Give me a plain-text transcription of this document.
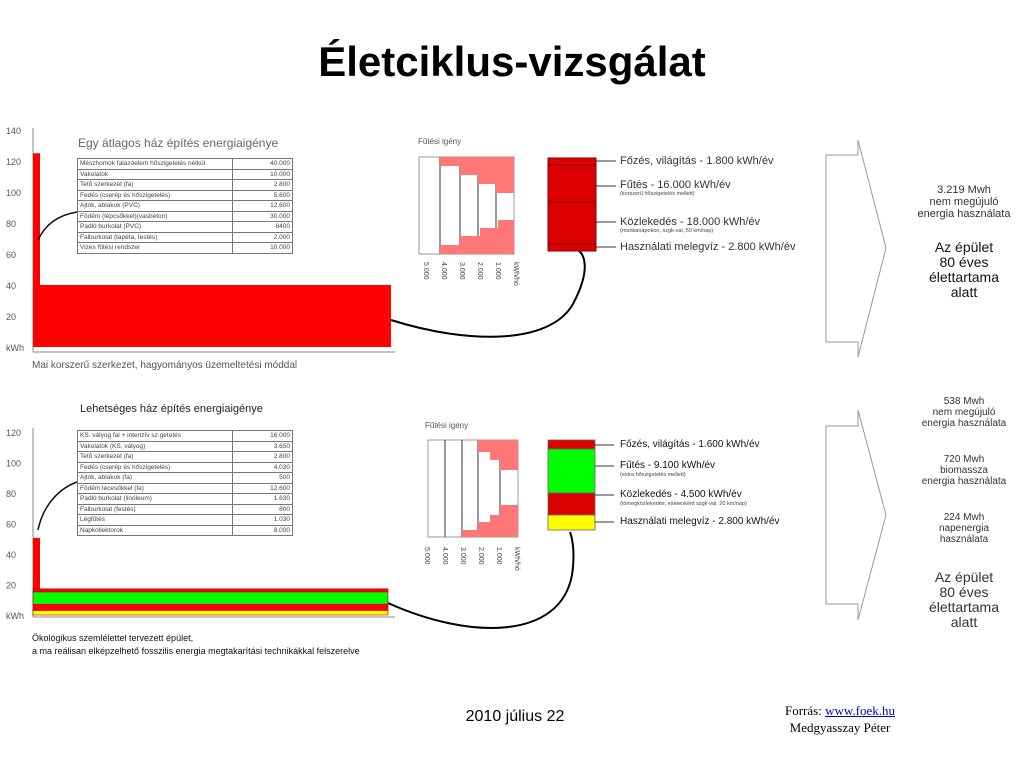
Életciklus-vizsgálat
140
120
100
80
60
40
20
kWh
5.000 4.000 3.000 2.000 1.000 kWh/hó
120
100
80
60
40
20
kWh
5.000 4.000 3.000 2.000 1.000 kWh/hó
Mészhomok falazóelem hőszigetelés nélkül	40.000
Vakolatok	10.000
Tető szerkezet (fa)	2.800
Fedés (cserép és hőszigetelés)	5.600
Ajtók, ablakok (PVC)	12.600
Födém (lépcsőkkel)(vasbeton)	30.000
Padló burkolat (PVC)	8400
Falburkolat (tapéta, festés)	2.000
Vizes fűtési rendszer	10.000
KS. vályog fal + intenzív sz.getetés	16.000
Vakolatok (KS, vályog)	3.650
Tető szerkezet (fa)	2.800
Fedés (cserép és hőszigetelés)	4.030
Ajtók, ablakok (fa)	500
Födém lécesűkkel (fa)	12.600
Padló burkolat (linóleum)	1.630
Falburkolat (festés)	800
Légfűtés	1.030
Napkollektorok	8.000
Egy átlagos ház építés energiaigénye
Lehetséges ház építés energiaigénye
Mai korszerű szerkezet, hagyományos üzemeltetési móddal
Ökológikus szemlélettel tervezett épület,
a ma reálisan elképzelhető fosszilis energia megtakarítási technikákkal felszerelve
Fűtési igény
Fűtési igény
Főzés, világítás - 1.800 kWh/év
Fűtés - 16.000 kWh/év
(korszerű hőszigetelés mellett)
Közlekedés - 18.000 kWh/év
(munkanapokon, szgk-val, 50 km/nap)
Használati melegvíz - 2.800 kWh/év
Főzés, világítás - 1.600 kWh/év
Fűtés - 9.100 kWh/év
(extra hőszigetelés mellett)
Közlekedés - 4.500 kWh/év
(tömegközlekedés, esetenként szgk-val, 20 km/nap)
Használati melegvíz - 2.800 kWh/év
3.219 Mwh
nem megújuló
energia használata
Az épület
80 éves
élettartama
alatt
538 Mwh
nem megújuló
energia használata
720 Mwh
biomassza
energia használata
224 Mwh
napenergia
használata
Az épület
80 éves
élettartama
alatt
2010 július 22	Forrás: www.foek.hu
Medgyasszay Péter
